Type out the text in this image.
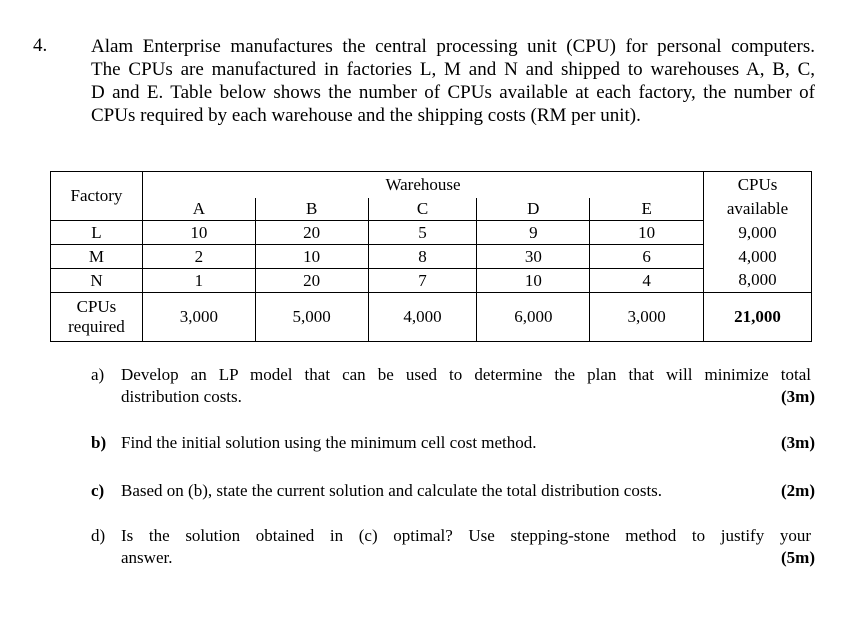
4. Alam Enterprise manufactures the central processing unit (CPU) for personal computers.
The CPUs are manufactured in factories L, M and N and shipped to warehouses A, B, C,
D and E. Table below shows the number of CPUs available at each factory, the number of
CPUs required by each warehouse and the shipping costs (RM per unit).
Factory	Warehouse					CPUs
	A	B	C	D	E	available
L	10	20	5	9	10	9,000
M	2	10	8	30	6	4,000
N	1	20	7	10	4	8,000

CPUs
required	3,000	5,000	4,000	6,000	3,000	21,000
a) Develop an LP model that can be used to determine the plan that will minimize total
distribution costs.	(3m)
b) Find the initial solution using the minimum cell cost method.	(3m)
c) Based on (b), state the current solution and calculate the total distribution costs.	(2m)
d) Is the solution obtained in (c) optimal? Use stepping-stone method to justify your
answer.	(5m)
